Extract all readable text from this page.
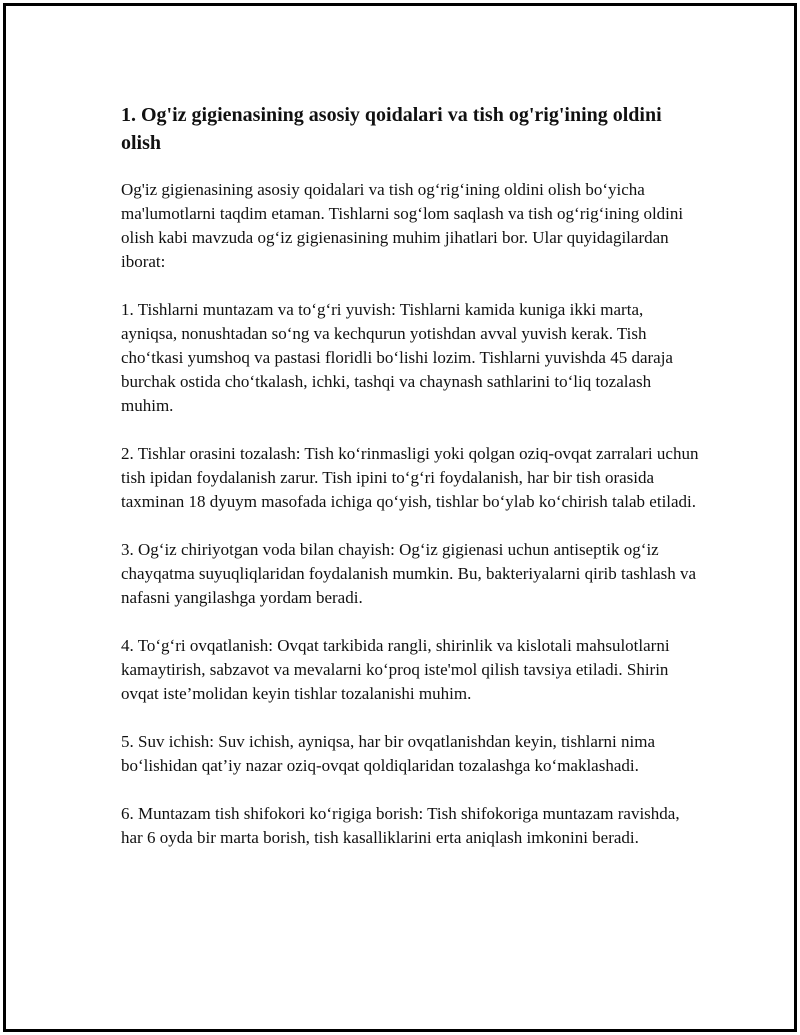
1. Og'iz gigienasining asosiy qoidalari va tish og'rig'ining oldini olish

Og'iz gigienasining asosiy qoidalari va tish og‘rig‘ining oldini olish bo‘yicha ma'lumotlarni taqdim etaman. Tishlarni sog‘lom saqlash va tish og‘rig‘ining oldini olish kabi mavzuda og‘iz gigienasining muhim jihatlari bor. Ular quyidagilardan iborat:

1. Tishlarni muntazam va to‘g‘ri yuvish: Tishlarni kamida kuniga ikki marta, ayniqsa, nonushtadan so‘ng va kechqurun yotishdan avval yuvish kerak. Tish cho‘tkasi yumshoq va pastasi floridli bo‘lishi lozim. Tishlarni yuvishda 45 daraja burchak ostida cho‘tkalash, ichki, tashqi va chaynash sathlarini to‘liq tozalash muhim.

2. Tishlar orasini tozalash: Tish ko‘rinmasligi yoki qolgan oziq-ovqat zarralari uchun tish ipidan foydalanish zarur. Tish ipini to‘g‘ri foydalanish, har bir tish orasida taxminan 18 dyuym masofada ichiga qo‘yish, tishlar bo‘ylab ko‘chirish talab etiladi.

3. Og‘iz chiriyotgan voda bilan chayish: Og‘iz gigienasi uchun antiseptik og‘iz chayqatma suyuqliqlaridan foydalanish mumkin. Bu, bakteriyalarni qirib tashlash va nafasni yangilashga yordam beradi.

4. To‘g‘ri ovqatlanish: Ovqat tarkibida rangli, shirinlik va kislotali mahsulotlarni kamaytirish, sabzavot va mevalarni ko‘proq iste'mol qilish tavsiya etiladi. Shirin ovqat iste’molidan keyin tishlar tozalanishi muhim.

5. Suv ichish: Suv ichish, ayniqsa, har bir ovqatlanishdan keyin, tishlarni nima bo‘lishidan qat’iy nazar oziq-ovqat qoldiqlaridan tozalashga ko‘maklashadi.

6. Muntazam tish shifokori ko‘rigiga borish: Tish shifokoriga muntazam ravishda, har 6 oyda bir marta borish, tish kasalliklarini erta aniqlash imkonini beradi.
